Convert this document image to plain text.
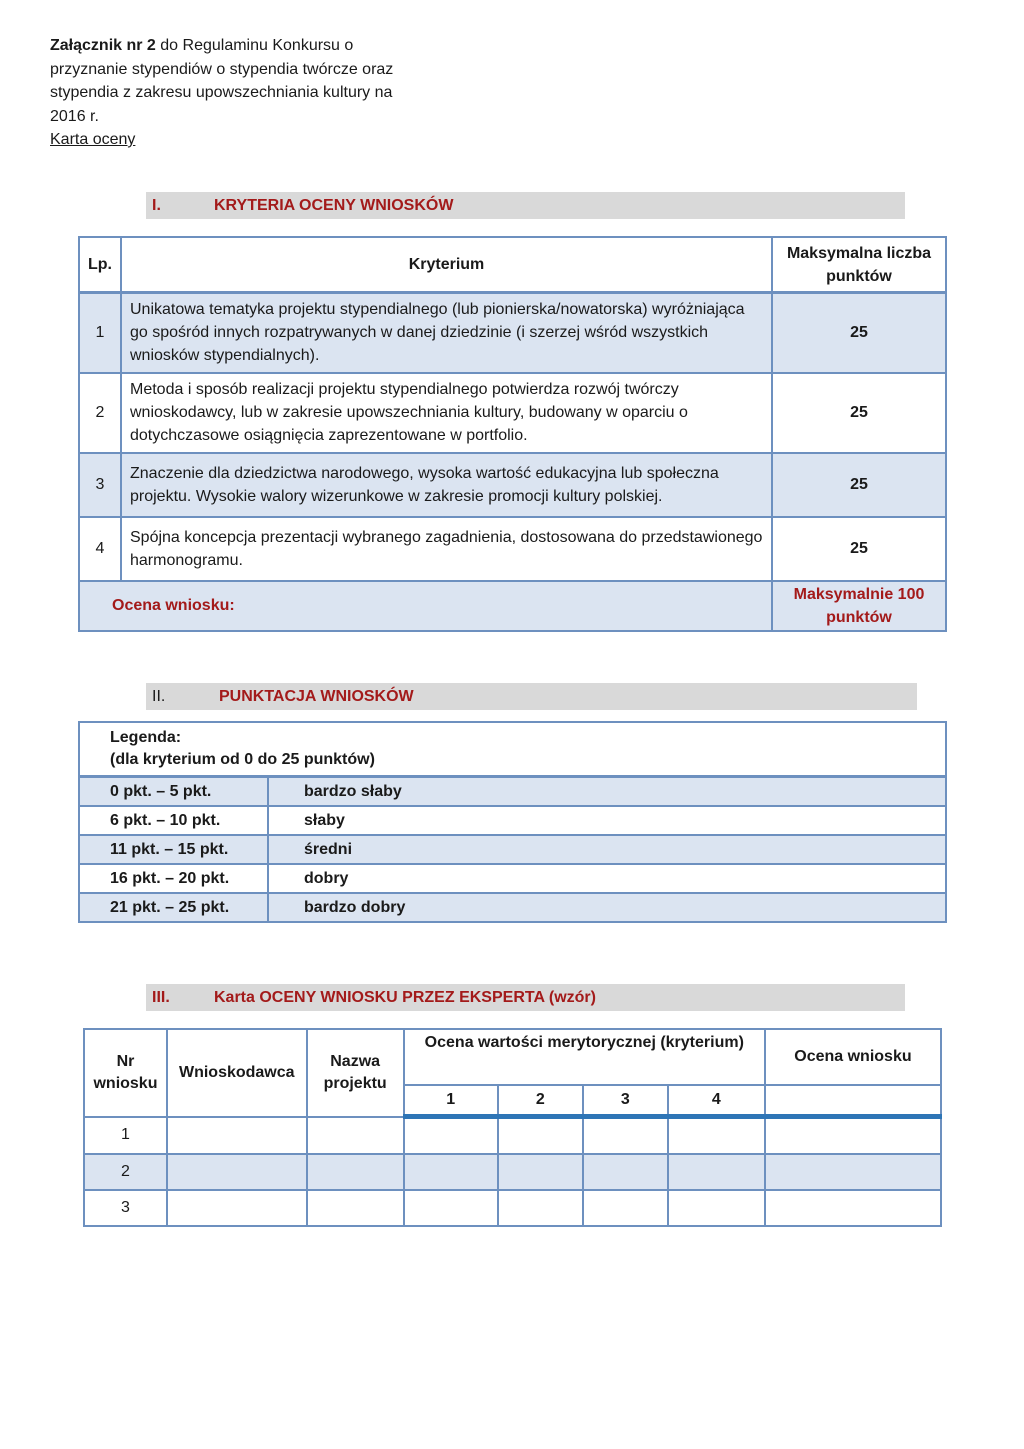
Załącznik nr 2 do Regulaminu Konkursu o przyznanie stypendiów o stypendia twórcze oraz stypendia z zakresu upowszechniania kultury na 2016 r.
Karta oceny
I.	KRYTERIA OCENY WNIOSKÓW
Lp.	Kryterium	Maksymalna liczba punktów
1	Unikatowa tematyka projektu stypendialnego (lub pionierska/nowatorska) wyróżniająca go spośród innych rozpatrywanych w danej dziedzinie (i szerzej wśród wszystkich wniosków stypendialnych).	25
2	Metoda i sposób realizacji projektu stypendialnego potwierdza rozwój twórczy wnioskodawcy, lub w zakresie upowszechniania kultury, budowany w oparciu o dotychczasowe osiągnięcia zaprezentowane w portfolio.	25
3	Znaczenie dla dziedzictwa narodowego, wysoka wartość edukacyjna lub społeczna projektu. Wysokie walory wizerunkowe w zakresie promocji kultury polskiej.	25
4	Spójna koncepcja prezentacji wybranego zagadnienia, dostosowana do przedstawionego harmonogramu.	25
Ocena wniosku:		Maksymalnie 100 punktów
II.	PUNKTACJA WNIOSKÓW
Legenda:
(dla kryterium od 0 do 25 punktów)	
0 pkt. – 5 pkt.	bardzo słaby
6 pkt. – 10 pkt.	słaby
11 pkt. – 15 pkt.	średni
16 pkt. – 20 pkt.	dobry
21 pkt. – 25 pkt.	bardzo dobry
III.	Karta OCENY WNIOSKU PRZEZ EKSPERTA (wzór)
Nr wniosku	Wnioskodawca	Nazwa projektu	Ocena wartości merytorycznej (kryterium)				Ocena wniosku
			1	2	3	4	
1							
2							
3							
